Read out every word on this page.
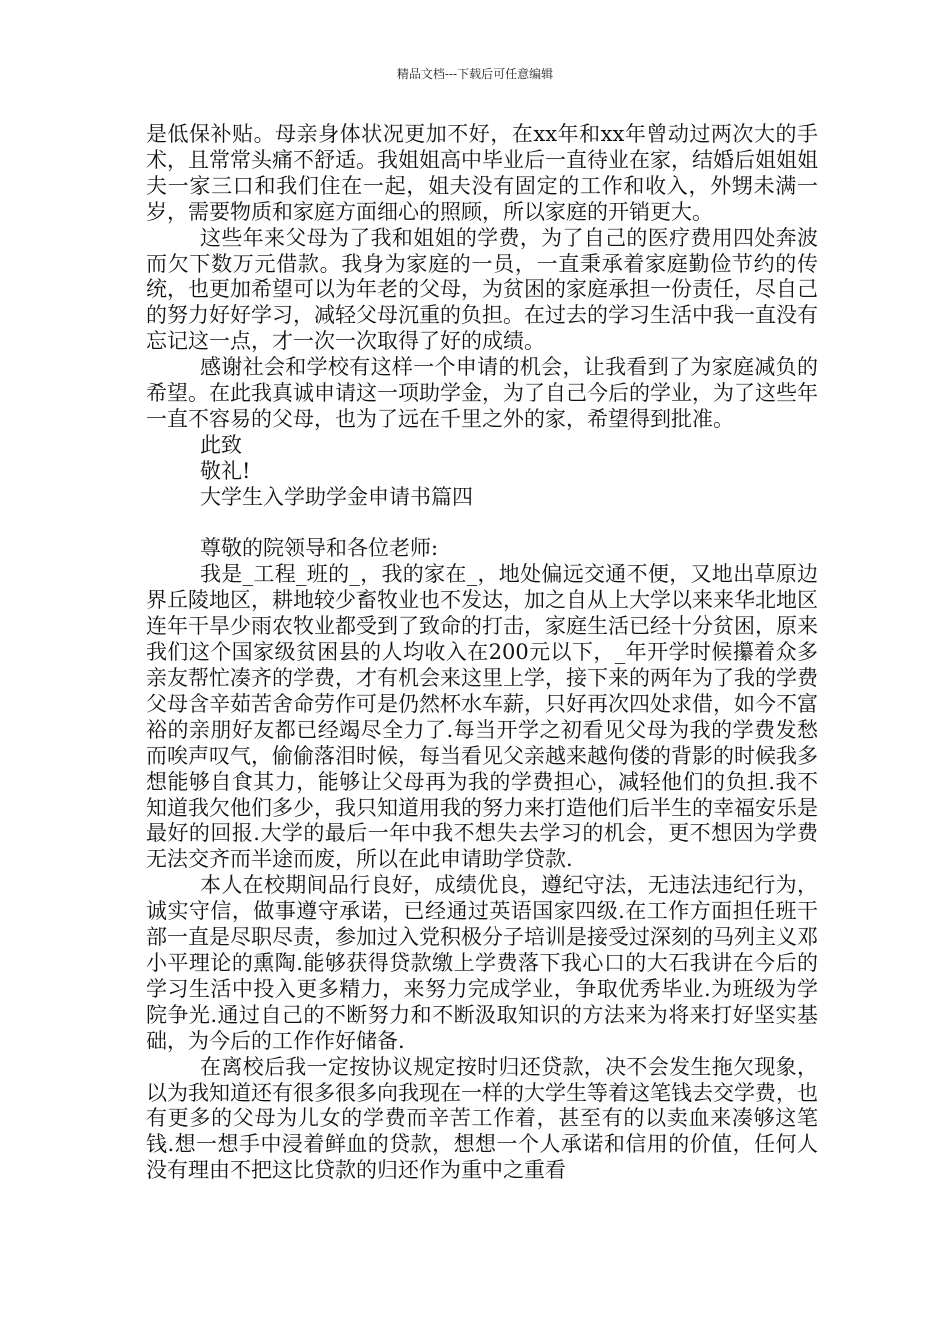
精品文档---下载后可任意编辑

是低保补贴。母亲身体状况更加不好，在xx年和xx年曾动过两次大的手术，且常常头痛不舒适。我姐姐高中毕业后一直待业在家，结婚后姐姐姐夫一家三口和我们住在一起，姐夫没有固定的工作和收入，外甥未满一岁，需要物质和家庭方面细心的照顾，所以家庭的开销更大。

这些年来父母为了我和姐姐的学费，为了自己的医疗费用四处奔波而欠下数万元借款。我身为家庭的一员，一直秉承着家庭勤俭节约的传统，也更加希望可以为年老的父母，为贫困的家庭承担一份责任，尽自己的努力好好学习，减轻父母沉重的负担。在过去的学习生活中我一直没有忘记这一点，才一次一次取得了好的成绩。

感谢社会和学校有这样一个申请的机会，让我看到了为家庭减负的希望。在此我真诚申请这一项助学金，为了自己今后的学业，为了这些年一直不容易的父母，也为了远在千里之外的家，希望得到批准。

此致

敬礼!

大学生入学助学金申请书篇四

尊敬的院领导和各位老师:

我是_工程_班的_，我的家在_，地处偏远交通不便，又地出草原边界丘陵地区，耕地较少畜牧业也不发达，加之自从上大学以来来华北地区连年干旱少雨农牧业都受到了致命的打击，家庭生活已经十分贫困，原来我们这个国家级贫困县的人均收入在200元以下，_年开学时候攥着众多亲友帮忙凑齐的学费，才有机会来这里上学，接下来的两年为了我的学费父母含辛茹苦舍命劳作可是仍然杯水车薪，只好再次四处求借，如今不富裕的亲朋好友都已经竭尽全力了.每当开学之初看见父母为我的学费发愁而唉声叹气，偷偷落泪时候，每当看见父亲越来越佝偻的背影的时候我多想能够自食其力，能够让父母再为我的学费担心，减轻他们的负担.我不知道我欠他们多少，我只知道用我的努力来打造他们后半生的幸福安乐是最好的回报.大学的最后一年中我不想失去学习的机会，更不想因为学费无法交齐而半途而废，所以在此申请助学贷款.

本人在校期间品行良好，成绩优良，遵纪守法，无违法违纪行为，诚实守信，做事遵守承诺，已经通过英语国家四级.在工作方面担任班干部一直是尽职尽责，参加过入党积极分子培训是接受过深刻的马列主义邓小平理论的熏陶.能够获得贷款缴上学费落下我心口的大石我讲在今后的学习生活中投入更多精力，来努力完成学业，争取优秀毕业.为班级为学院争光.通过自己的不断努力和不断汲取知识的方法来为将来打好坚实基础，为今后的工作作好储备.

在离校后我一定按协议规定按时归还贷款，决不会发生拖欠现象，以为我知道还有很多很多向我现在一样的大学生等着这笔钱去交学费，也有更多的父母为儿女的学费而辛苦工作着，甚至有的以卖血来凑够这笔钱.想一想手中浸着鲜血的贷款，想想一个人承诺和信用的价值，任何人没有理由不把这比贷款的归还作为重中之重看
